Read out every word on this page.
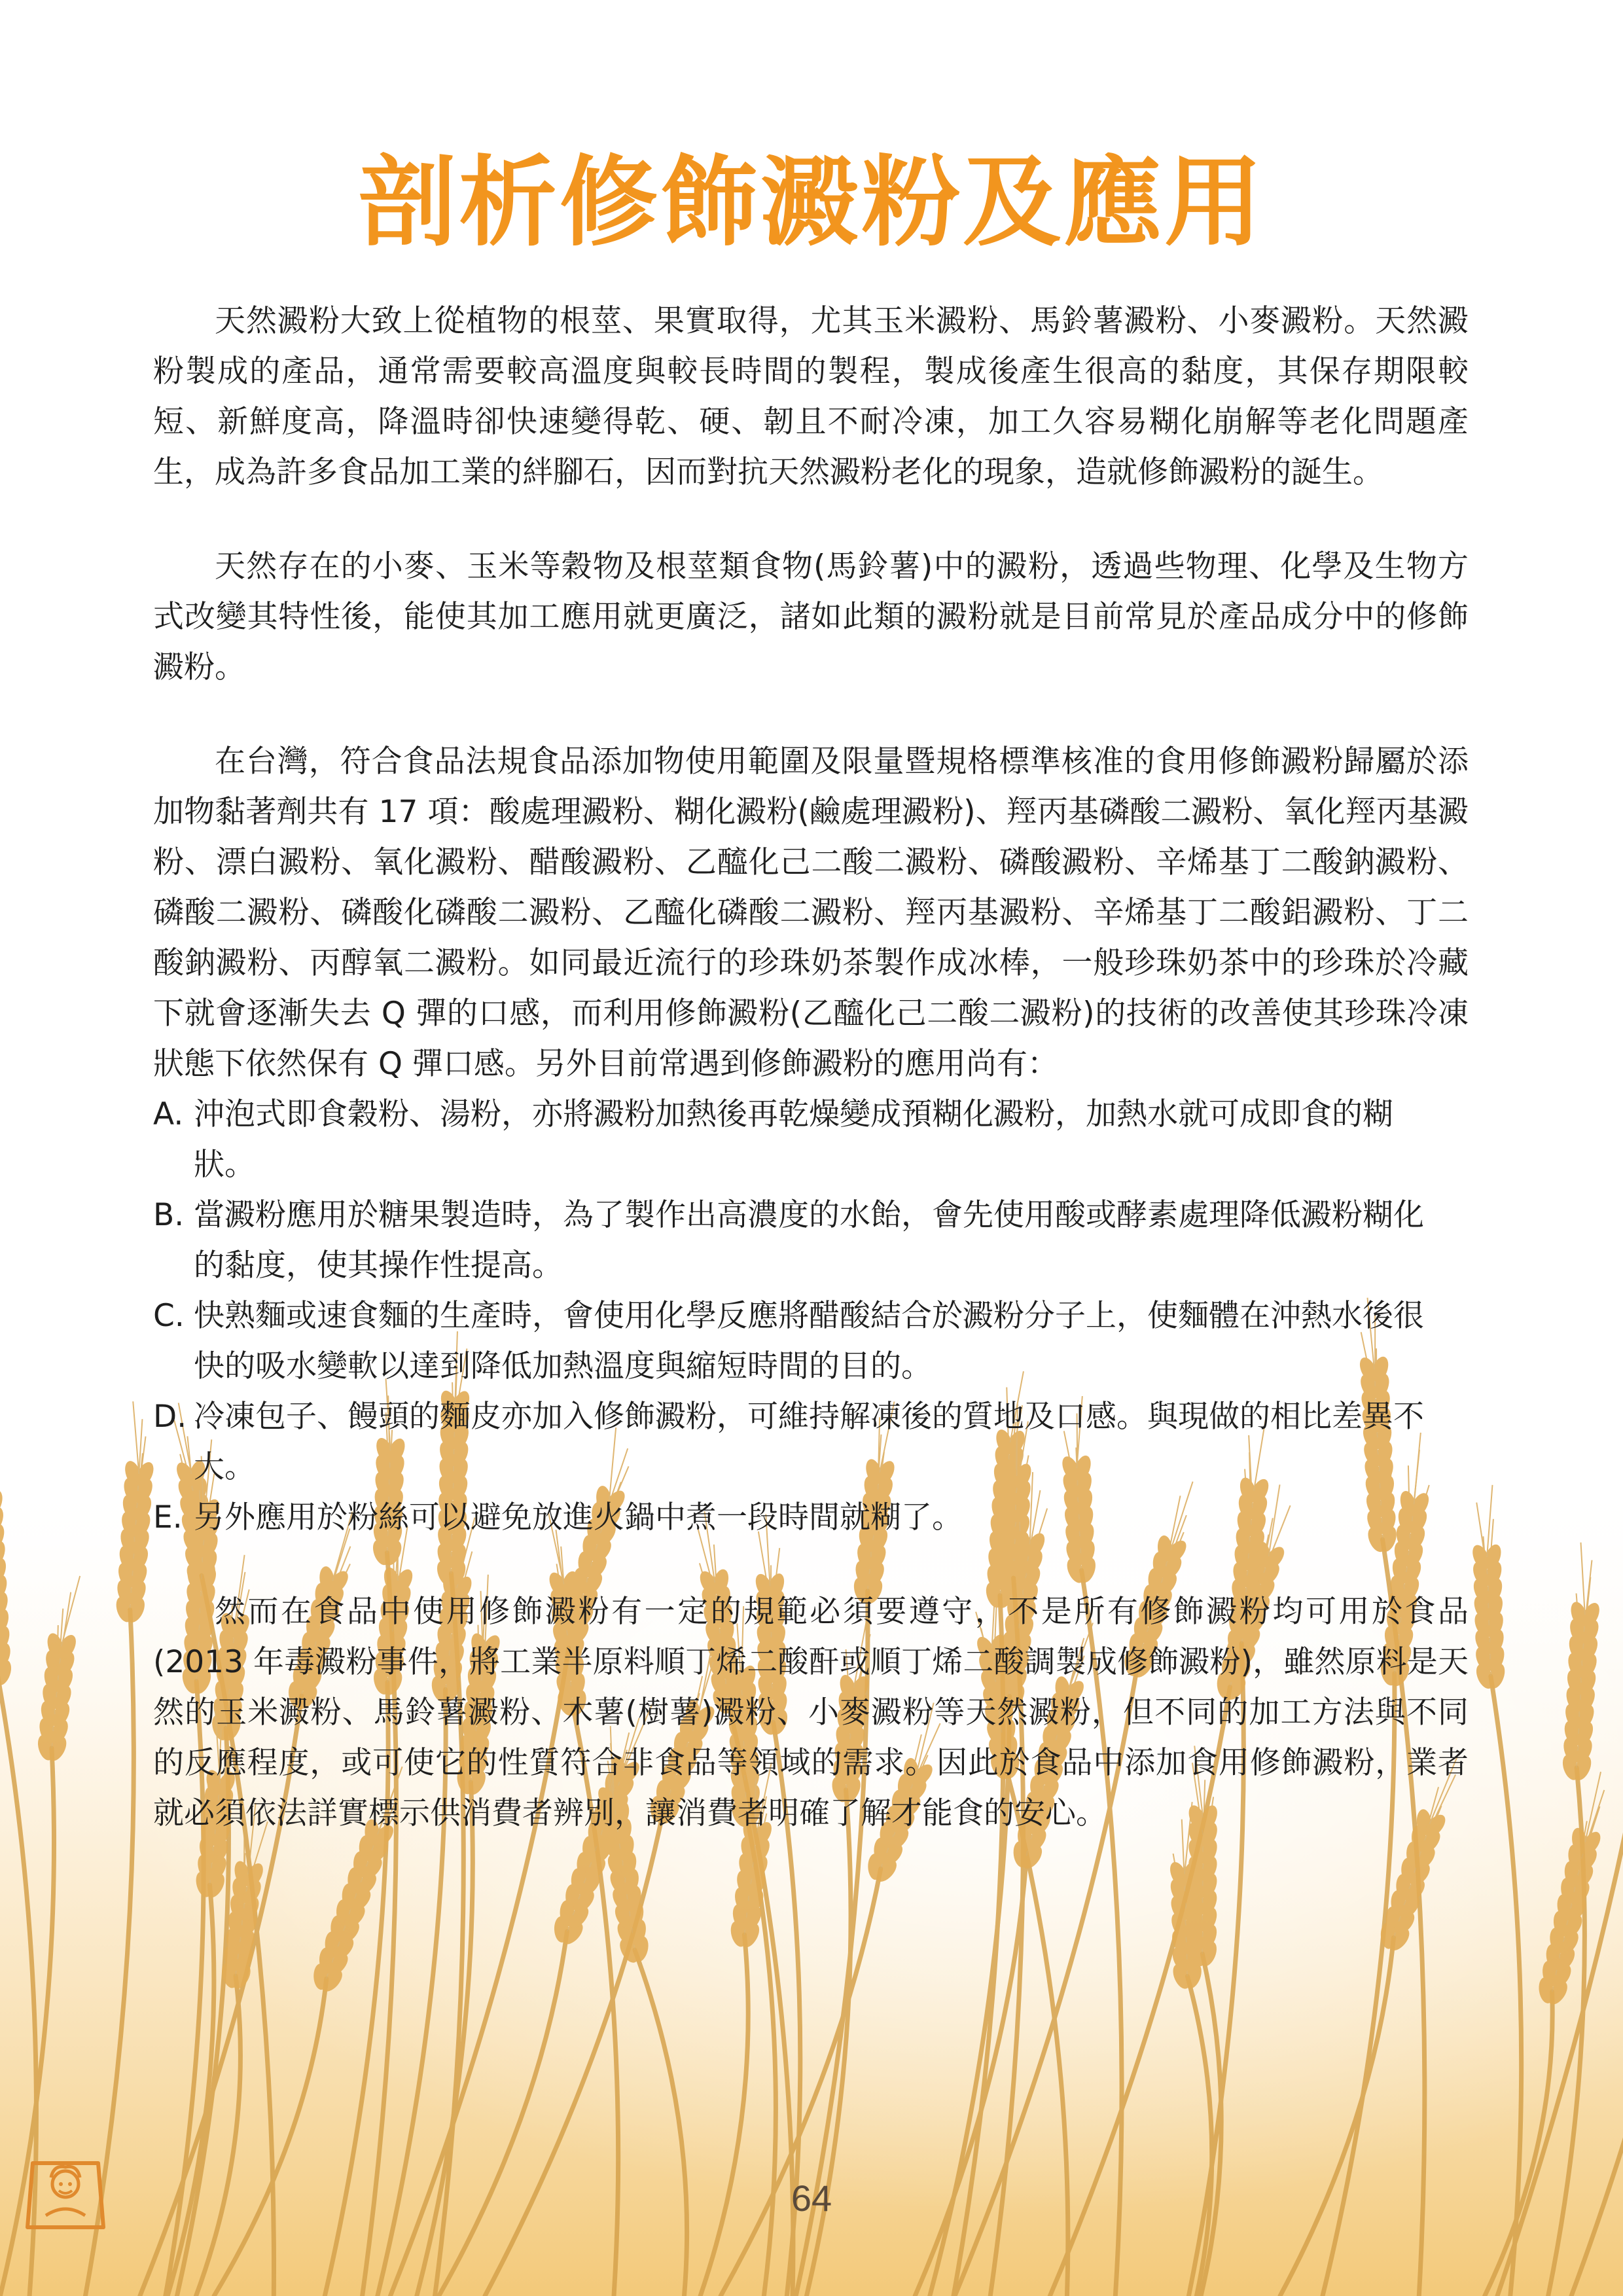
剖析修飾澱粉及應用

天然澱粉大致上從植物的根莖、果實取得，尤其玉米澱粉、馬鈴薯澱粉、小麥澱粉。天然澱粉製成的產品，通常需要較高溫度與較長時間的製程，製成後產生很高的黏度，其保存期限較短、新鮮度高，降溫時卻快速變得乾、硬、韌且不耐冷凍，加工久容易糊化崩解等老化問題產生，成為許多食品加工業的絆腳石，因而對抗天然澱粉老化的現象，造就修飾澱粉的誕生。

天然存在的小麥、玉米等穀物及根莖類食物(馬鈴薯)中的澱粉，透過些物理、化學及生物方式改變其特性後，能使其加工應用就更廣泛，諸如此類的澱粉就是目前常見於產品成分中的修飾澱粉。

在台灣，符合食品法規食品添加物使用範圍及限量暨規格標準核准的食用修飾澱粉歸屬於添加物黏著劑共有 17 項：酸處理澱粉、糊化澱粉(鹼處理澱粉)、羥丙基磷酸二澱粉、氧化羥丙基澱粉、漂白澱粉、氧化澱粉、醋酸澱粉、乙醯化己二酸二澱粉、磷酸澱粉、辛烯基丁二酸鈉澱粉、磷酸二澱粉、磷酸化磷酸二澱粉、乙醯化磷酸二澱粉、羥丙基澱粉、辛烯基丁二酸鋁澱粉、丁二酸鈉澱粉、丙醇氧二澱粉。如同最近流行的珍珠奶茶製作成冰棒，一般珍珠奶茶中的珍珠於冷藏下就會逐漸失去 Q 彈的口感，而利用修飾澱粉(乙醯化己二酸二澱粉)的技術的改善使其珍珠冷凍狀態下依然保有 Q 彈口感。另外目前常遇到修飾澱粉的應用尚有：

A. 沖泡式即食穀粉、湯粉，亦將澱粉加熱後再乾燥變成預糊化澱粉，加熱水就可成即食的糊狀。
B. 當澱粉應用於糖果製造時，為了製作出高濃度的水飴，會先使用酸或酵素處理降低澱粉糊化的黏度，使其操作性提高。
C. 快熟麵或速食麵的生產時，會使用化學反應將醋酸結合於澱粉分子上，使麵體在沖熱水後很快的吸水變軟以達到降低加熱溫度與縮短時間的目的。
D. 冷凍包子、饅頭的麵皮亦加入修飾澱粉，可維持解凍後的質地及口感。與現做的相比差異不大。
E. 另外應用於粉絲可以避免放進火鍋中煮一段時間就糊了。

然而在食品中使用修飾澱粉有一定的規範必須要遵守，不是所有修飾澱粉均可用於食品(2013 年毒澱粉事件，將工業半原料順丁烯二酸酐或順丁烯二酸調製成修飾澱粉)，雖然原料是天然的玉米澱粉、馬鈴薯澱粉、木薯(樹薯)澱粉、小麥澱粉等天然澱粉，但不同的加工方法與不同的反應程度，或可使它的性質符合非食品等領域的需求。因此於食品中添加食用修飾澱粉，業者就必須依法詳實標示供消費者辨別，讓消費者明確了解才能食的安心。

64
